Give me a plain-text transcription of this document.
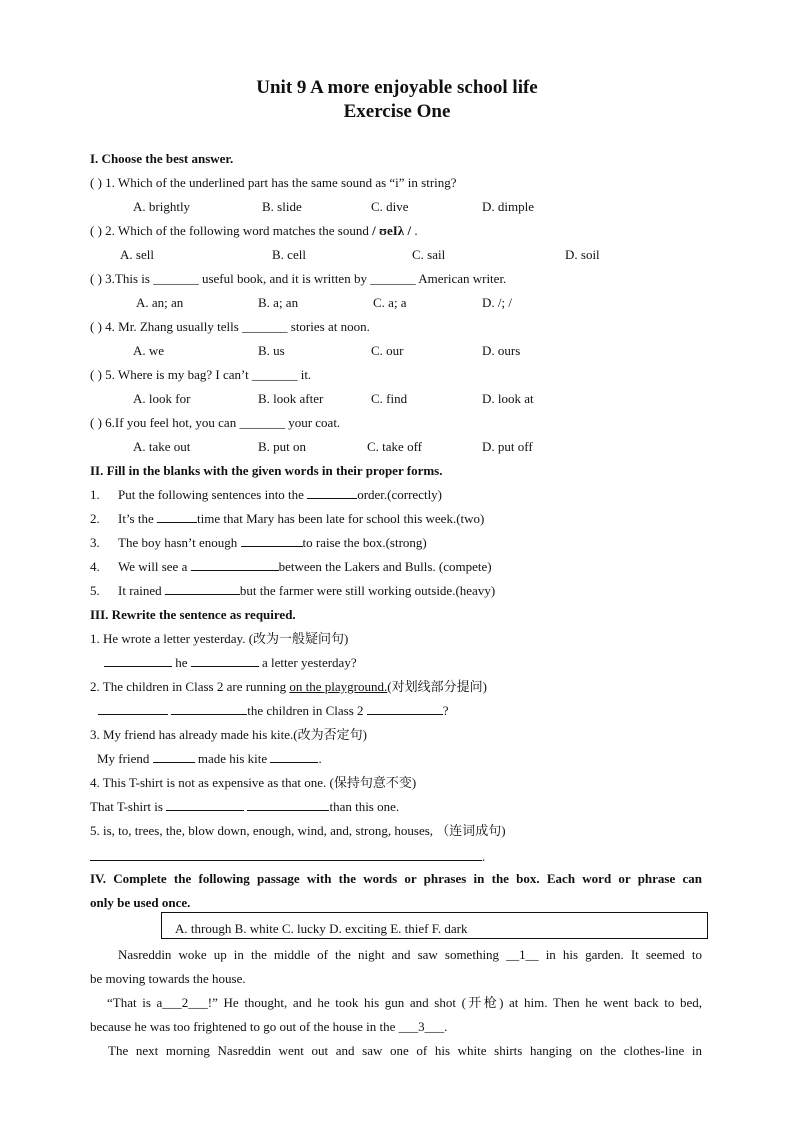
Unit 9 A more enjoyable school life
Exercise One
I. Choose the best answer.
( ) 1. Which of the underlined part has the same sound as “i” in string?
A. brightly	B. slide	C. dive	D. dimple
( ) 2. Which of the following word matches the sound / ʊeIλ / .
A. sell	B. cell	C. sail	D. soil
( ) 3.This is _______ useful book, and it is written by _______ American writer.
A. an; an	B. a; an	C. a; a	D. /; /
( ) 4. Mr. Zhang usually tells _______ stories at noon.
A. we	B. us	C. our	D. ours
( ) 5. Where is my bag? I can’t _______ it.
A. look for	B. look after	C. find	D. look at
( ) 6.If you feel hot, you can _______ your coat.
A. take out	B. put on	C. take off	D. put off
II. Fill in the blanks with the given words in their proper forms.
1. Put the following sentences into the	order.(correctly)
2. It’s the	time that Mary has been late for school this week.(two)
3. The boy hasn’t enough	to raise the box.(strong)
4. We will see a	between the Lakers and Bulls. (compete)
5. It rained	but the farmer were still working outside.(heavy)
III. Rewrite the sentence as required.
1. He wrote a letter yesterday. (改为一般疑问句)
he	a letter yesterday?
2. The children in Class 2 are running on the playground.(对划线部分提问)
the children in Class 2	?
3. My friend has already made his kite.(改为否定句)
My friend	made his kite	.
4. This T-shirt is not as expensive as that one. (保持句意不变)
That T-shirt is	than this one.
5. is, to, trees, the, blow down, enough, wind, and, strong, houses, （连词成句)
.
IV. Complete the following passage with the words or phrases in the box. Each word or phrase can
only be used once.
A. through B. white C. lucky D. exciting E. thief F. dark
Nasreddin woke up in the middle of the night and saw something __1__ in his garden. It seemed to
be moving towards the house.
“That is a___2___!” He thought, and he took his gun and shot (开枪) at him. Then he went back to bed,
because he was too frightened to go out of the house in the ___3___.
The next morning Nasreddin went out and saw one of his white shirts hanging on the clothes-line in
